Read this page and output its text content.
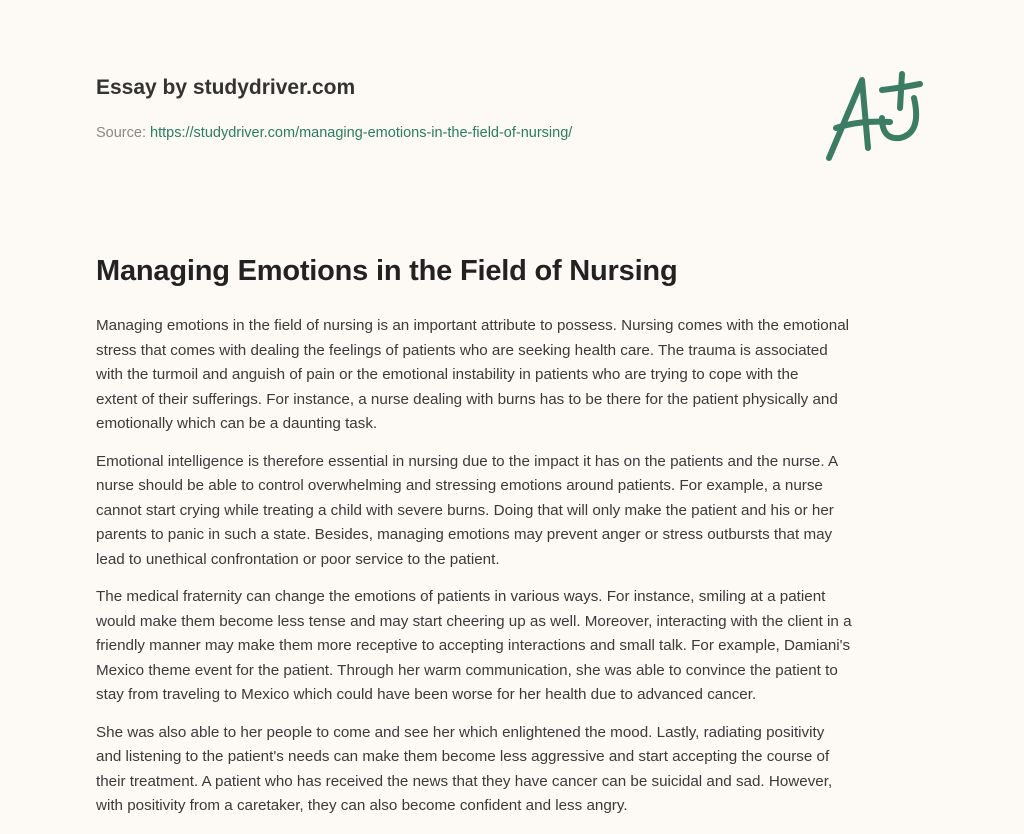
Essay by studydriver.com
Source: https://studydriver.com/managing-emotions-in-the-field-of-nursing/
Managing Emotions in the Field of Nursing

Managing emotions in the field of nursing is an important attribute to possess. Nursing comes with the emotional
stress that comes with dealing the feelings of patients who are seeking health care. The trauma is associated
with the turmoil and anguish of pain or the emotional instability in patients who are trying to cope with the
extent of their sufferings. For instance, a nurse dealing with burns has to be there for the patient physically and
emotionally which can be a daunting task.

Emotional intelligence is therefore essential in nursing due to the impact it has on the patients and the nurse. A
nurse should be able to control overwhelming and stressing emotions around patients. For example, a nurse
cannot start crying while treating a child with severe burns. Doing that will only make the patient and his or her
parents to panic in such a state. Besides, managing emotions may prevent anger or stress outbursts that may
lead to unethical confrontation or poor service to the patient.

The medical fraternity can change the emotions of patients in various ways. For instance, smiling at a patient
would make them become less tense and may start cheering up as well. Moreover, interacting with the client in a
friendly manner may make them more receptive to accepting interactions and small talk. For example, Damiani's
Mexico theme event for the patient. Through her warm communication, she was able to convince the patient to
stay from traveling to Mexico which could have been worse for her health due to advanced cancer.

She was also able to her people to come and see her which enlightened the mood. Lastly, radiating positivity
and listening to the patient's needs can make them become less aggressive and start accepting the course of
their treatment. A patient who has received the news that they have cancer can be suicidal and sad. However,
with positivity from a caretaker, they can also become confident and less angry.
